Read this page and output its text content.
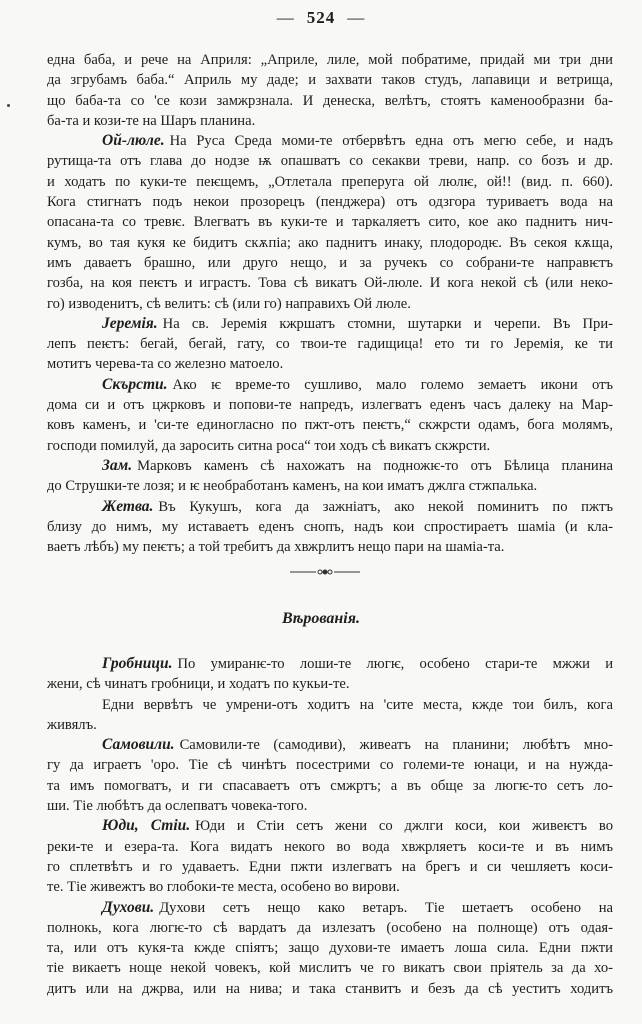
— 524 —
една баба, и рече на Априля: „Априле, лиле, мой побратиме, придай ми три дни
да згрубамъ баба.“ Априль му даде; и захвати таков студъ, лапавици и ветрища,
що баба-та со 'се кози замжрзнала. И денеска, велѣтъ, стоятъ каменообразни ба-
ба-та и кози-те на Шаръ планина.
Ой-люле. На Руса Среда моми-те отбервѣтъ една отъ мегю себе, и надъ
рутища-та отъ глава до нодзе ѭ опашватъ со секакви треви, напр. со бозъ и др.
и ходатъ по куки-те пеѥщемъ, „Отлетала преперуга ой люлѥ, ой!! (вид. п. 660).
Кога стигнатъ подъ некои прозорецъ (пенджера) отъ одзгора туриваетъ вода на
опасана-та со тревѥ. Влегватъ въ куки-те и таркаляетъ сито, кое ако паднитъ нич-
кумъ, во тая кукя ке бидитъ скѫпіа; ако паднитъ инаку, плодородѥ. Въ секоя кѫща,
имъ даваетъ брашно, или друго нещо, и за ручекъ со собрани-те направѥтъ
гозба, на коя пеѥтъ и играстъ. Това сѣ викатъ Ой-люле. И кога некой сѣ (или неко-
го) изводенитъ, сѣ велитъ: сѣ (или го) направихъ Ой люле.
Јеремія. На св. Јеремія кжршатъ стомни, шутарки и черепи. Въ При-
лепъ пеѥтъ: бегай, бегай, гату, со твои-те гадищица! ето ти го Јеремія, ке ти
мотитъ черева-та со железно матоело.
Скърсти. Ако ѥ време-то сушливо, мало големо земаетъ икони отъ
дома си и отъ цжрковъ и попови-те напредъ, излегватъ еденъ часъ далеку на Мар-
ковъ каменъ, и 'си-те единогласно по пжт-отъ пеѥтъ,“ скжрсти одамъ, бога молямъ,
господи помилуй, да заросить ситна роса“ тои ходъ сѣ викатъ скжрсти.
Зам. Марковъ каменъ сѣ нахожатъ на подножѥ-то отъ Бѣлица планина
до Струшки-те лозя; и ѥ необработанъ каменъ, на кои иматъ джлга стжпалька.
Жетва. Въ Кукушъ, кога да зажніатъ, ако некой поминитъ по пжтъ
близу до нимъ, му иставаетъ еденъ снопъ, надъ кои спростираетъ шаміа (и кла-
ваетъ лѣбъ) му пеѥтъ; а той требитъ да хвжрлитъ нещо пари на шаміа-та.
Вѣрованія.
Гробници. По умиранѥ-то лоши-те люгѥ, особено стари-те мжжи и
жени, сѣ чинатъ гробници, и ходатъ по кукьи-те.
Едни вервѣтъ че умрени-отъ ходитъ на 'сите места, кжде тои билъ, кога
живялъ.
Самовили. Самовили-те (самодиви), живеатъ на планини; любѣтъ мно-
гу да играетъ 'оро. Тіе сѣ чинѣтъ посестрими со големи-те юнаци, и на нужда-
та имъ помогватъ, и ги спасаваетъ отъ смжртъ; а въ обще за люгѥ-то сетъ ло-
ши. Тіе любѣтъ да ослепватъ човека-того.
Юди, Стіи. Юди и Стіи сетъ жени со джлги коси, кои живеѥтъ во
реки-те и езера-та. Кога видатъ некого во вода хвжрляетъ коси-те и въ нимъ
го сплетвѣтъ и го удаваетъ. Едни пжти излегватъ на брегъ и си чешляетъ коси-
те. Тіе живежтъ во глобоки-те места, особено во вирови.
Духови. Духови сетъ нещо како ветаръ. Тіе шетаетъ особено на
полнокь, кога люгѥ-то сѣ вардатъ да излезатъ (особено на полноще) отъ одая-
та, или отъ кукя-та кжде спіятъ; защо духови-те имаетъ лоша сила. Едни пжти
тіе викаетъ ноще некой човекъ, кой мислитъ че го викатъ свои пріятель за да хо-
дитъ или на джрва, или на нива; и така станвитъ и безъ да сѣ уеститъ ходитъ
